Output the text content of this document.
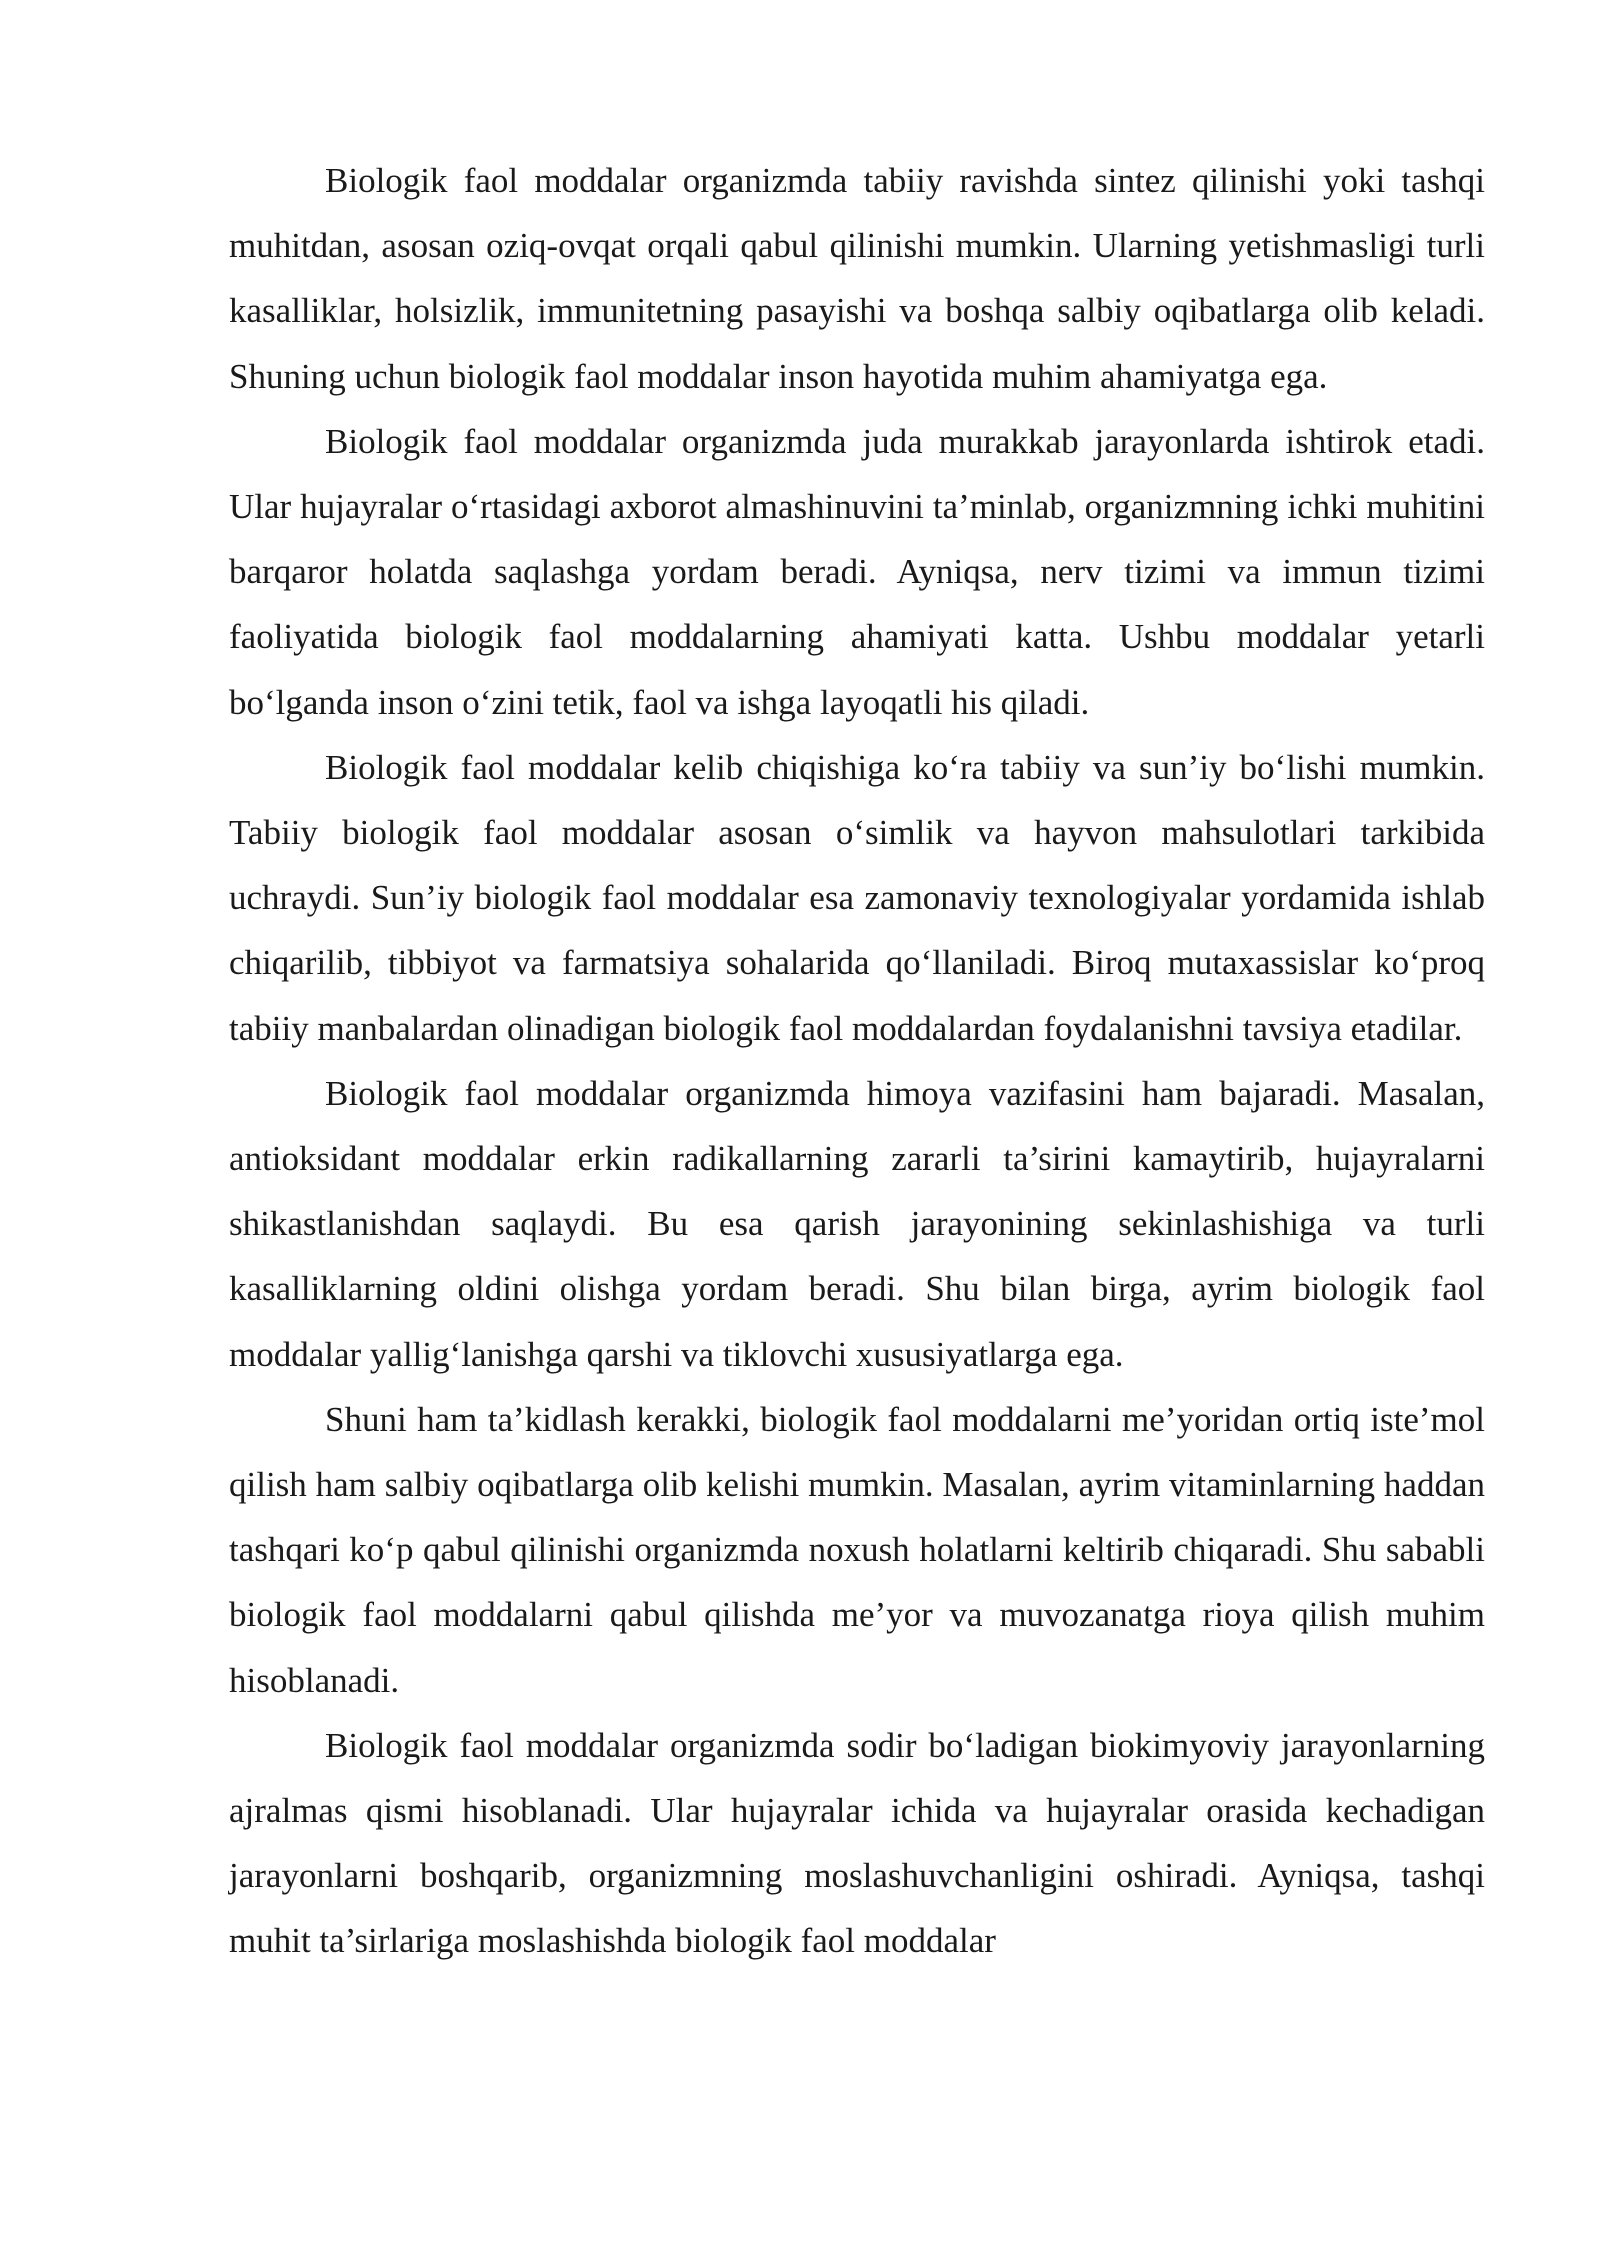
Biologik faol moddalar organizmda tabiiy ravishda sintez qilinishi yoki tashqi muhitdan, asosan oziq-ovqat orqali qabul qilinishi mumkin. Ularning yetishmasligi turli kasalliklar, holsizlik, immunitetning pasayishi va boshqa salbiy oqibatlarga olib keladi. Shuning uchun biologik faol moddalar inson hayotida muhim ahamiyatga ega.

Biologik faol moddalar organizmda juda murakkab jarayonlarda ishtirok etadi. Ular hujayralar o‘rtasidagi axborot almashinuvini ta’minlab, organizmning ichki muhitini barqaror holatda saqlashga yordam beradi. Ayniqsa, nerv tizimi va immun tizimi faoliyatida biologik faol moddalarning ahamiyati katta. Ushbu moddalar yetarli bo‘lganda inson o‘zini tetik, faol va ishga layoqatli his qiladi.

Biologik faol moddalar kelib chiqishiga ko‘ra tabiiy va sun’iy bo‘lishi mumkin. Tabiiy biologik faol moddalar asosan o‘simlik va hayvon mahsulotlari tarkibida uchraydi. Sun’iy biologik faol moddalar esa zamonaviy texnologiyalar yordamida ishlab chiqarilib, tibbiyot va farmatsiya sohalarida qo‘llaniladi. Biroq mutaxassislar ko‘proq tabiiy manbalardan olinadigan biologik faol moddalardan foydalanishni tavsiya etadilar.

Biologik faol moddalar organizmda himoya vazifasini ham bajaradi. Masalan, antioksidant moddalar erkin radikallarning zararli ta’sirini kamaytirib, hujayralarni shikastlanishdan saqlaydi. Bu esa qarish jarayonining sekinlashishiga va turli kasalliklarning oldini olishga yordam beradi. Shu bilan birga, ayrim biologik faol moddalar yallig‘lanishga qarshi va tiklovchi xususiyatlarga ega.

Shuni ham ta’kidlash kerakki, biologik faol moddalarni me’yoridan ortiq iste’mol qilish ham salbiy oqibatlarga olib kelishi mumkin. Masalan, ayrim vitaminlarning haddan tashqari ko‘p qabul qilinishi organizmda noxush holatlarni keltirib chiqaradi. Shu sababli biologik faol moddalarni qabul qilishda me’yor va muvozanatga rioya qilish muhim hisoblanadi.

Biologik faol moddalar organizmda sodir bo‘ladigan biokimyoviy jarayonlarning ajralmas qismi hisoblanadi. Ular hujayralar ichida va hujayralar orasida kechadigan jarayonlarni boshqarib, organizmning moslashuvchanligini oshiradi. Ayniqsa, tashqi muhit ta’sirlariga moslashishda biologik faol moddalar
